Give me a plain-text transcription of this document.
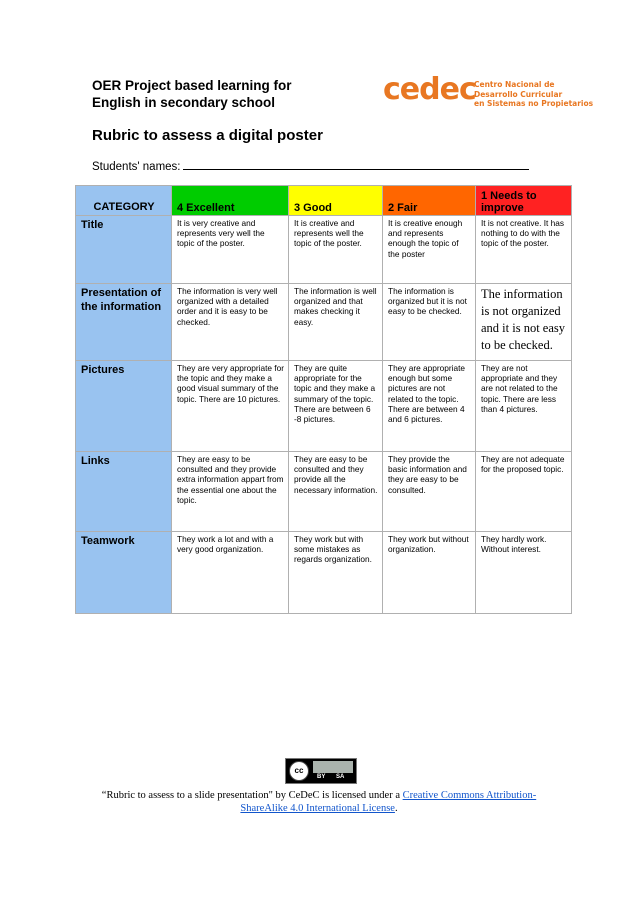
OER Project based learning for
English in secondary school	cedec
Centro Nacional de
Desarrollo Curricular
en Sistemas no Propietarios
Rubric to assess a digital poster
Students' names:
CATEGORY	4 Excellent	3 Good	2 Fair	1 Needs to improve
Title	It is very creative and represents very well the topic of the poster.	It is creative and represents well the topic of the poster.	It is creative enough and represents enough the topic of the poster	It is not creative. It has nothing to do with the topic of the poster.
Presentation of the information	The information is very well organized with a detailed order and it is easy to be checked.	The information is well organized and that makes checking it easy.	The information is organized but it is not easy to be checked.	The information is not organized and it is not easy to be checked.
Pictures	They are very appropriate for the topic and they make a good visual summary of the topic. There are 10 pictures.	They are quite appropriate for the topic and they make a summary of the topic. There are between 6 -8 pictures.	They are appropriate enough but some pictures are not related to the topic. There are between 4 and 6 pictures.	They are not appropriate and they are not related to the topic. There are less than 4 pictures.
Links	They are easy to be consulted and they provide extra information appart from the essential one about the topic.	They are easy to be consulted and they provide all the necessary information.	They provide the basic information and they are easy to be consulted.	They are not adequate for the proposed topic.
Teamwork	They work a lot and with a very good organization.	They work but with some mistakes as regards organization.	They work but without organization.	They hardly work. Without interest.
cc
BY SA
“Rubric to assess to a slide presentation" by CeDeC is licensed under a Creative Commons Attribution-ShareAlike 4.0 International License.
